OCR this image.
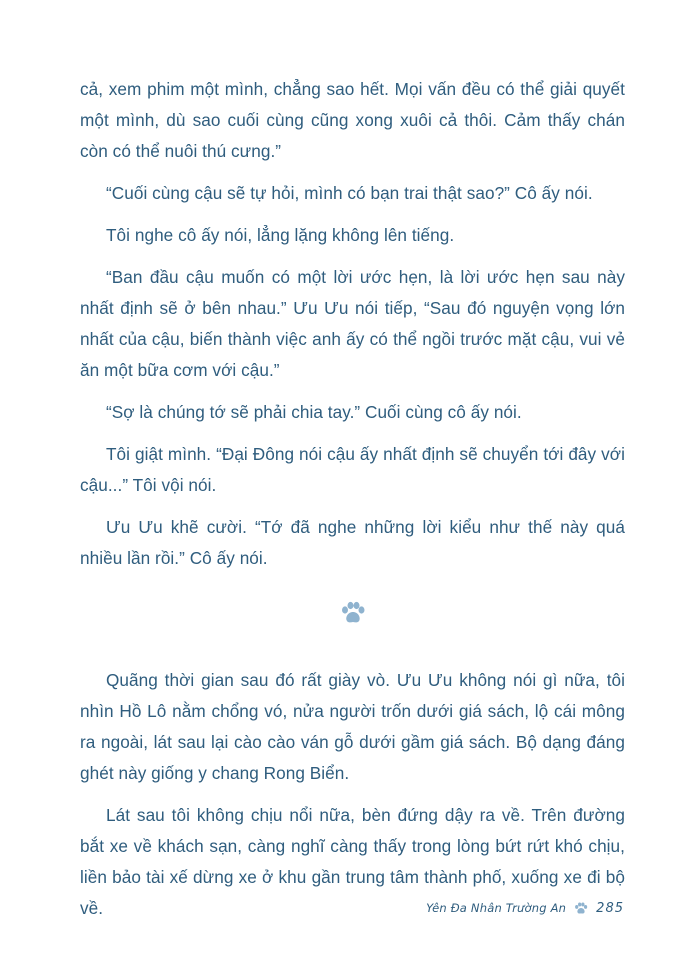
cả, xem phim một mình, chẳng sao hết. Mọi vấn đều có thể giải quyết một mình, dù sao cuối cùng cũng xong xuôi cả thôi. Cảm thấy chán còn có thể nuôi thú cưng.”

“Cuối cùng cậu sẽ tự hỏi, mình có bạn trai thật sao?” Cô ấy nói.

Tôi nghe cô ấy nói, lẳng lặng không lên tiếng.

“Ban đầu cậu muốn có một lời ước hẹn, là lời ước hẹn sau này nhất định sẽ ở bên nhau.” Ưu Ưu nói tiếp, “Sau đó nguyện vọng lớn nhất của cậu, biến thành việc anh ấy có thể ngồi trước mặt cậu, vui vẻ ăn một bữa cơm với cậu.”

“Sợ là chúng tớ sẽ phải chia tay.” Cuối cùng cô ấy nói.

Tôi giật mình. “Đại Đông nói cậu ấy nhất định sẽ chuyển tới đây với cậu...” Tôi vội nói.

Ưu Ưu khẽ cười. “Tớ đã nghe những lời kiểu như thế này quá nhiều lần rồi.” Cô ấy nói.

Quãng thời gian sau đó rất giày vò. Ưu Ưu không nói gì nữa, tôi nhìn Hồ Lô nằm chổng vó, nửa người trốn dưới giá sách, lộ cái mông ra ngoài, lát sau lại cào cào ván gỗ dưới gầm giá sách. Bộ dạng đáng ghét này giống y chang Rong Biển.

Lát sau tôi không chịu nổi nữa, bèn đứng dậy ra về. Trên đường bắt xe về khách sạn, càng nghĩ càng thấy trong lòng bứt rứt khó chịu, liền bảo tài xế dừng xe ở khu gần trung tâm thành phố, xuống xe đi bộ về.	Yên Đa Nhân Trường An 285
